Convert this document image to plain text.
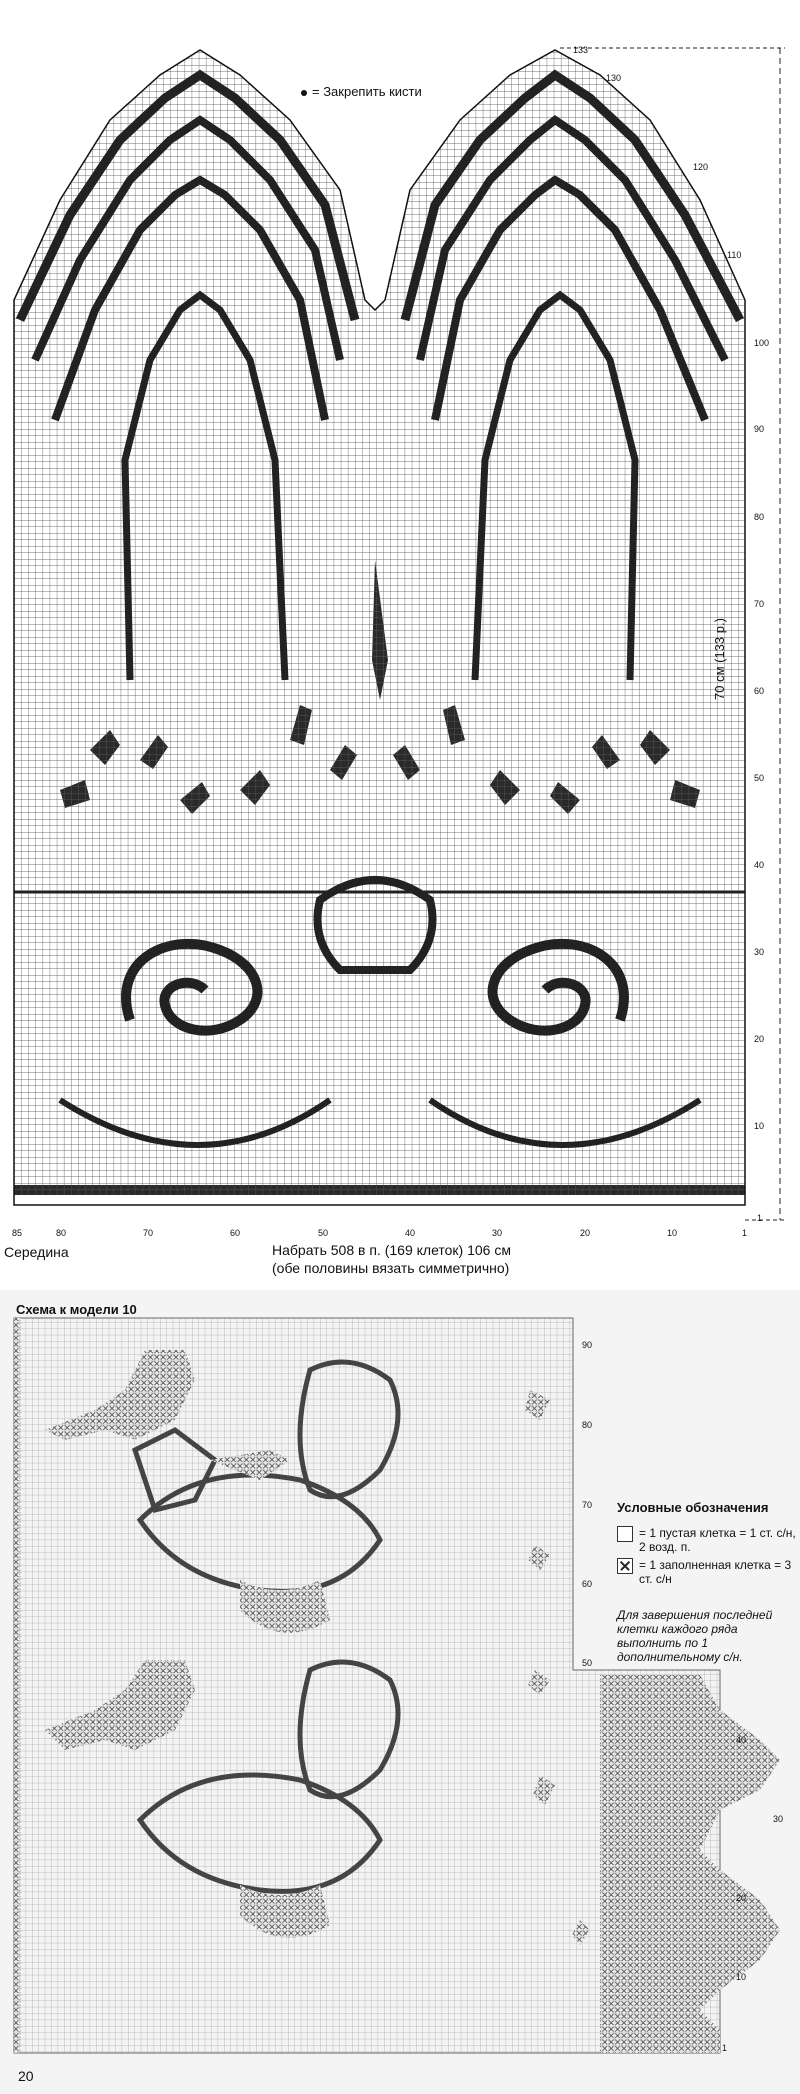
= Закрепить кисти
133
130
120
110
100
90
80
70
60
50
40
30
20
10
1
70 см (133 р.)
85	80	70	60	50	40	30	20	10	1
Середина	Набрать 508 в п. (169 клеток) 106 см
(обе половины вязать симметрично)
Схема к модели 10
90
80
70
60
50
40
30
20
10
1
Условные обозначения
= 1 пустая клетка = 1 ст. с/н, 2 возд. п.
= 1 заполненная клетка = 3 ст. с/н
Для завершения последней клетки каждого ряда выполнить по 1 дополнительному с/н.
20
